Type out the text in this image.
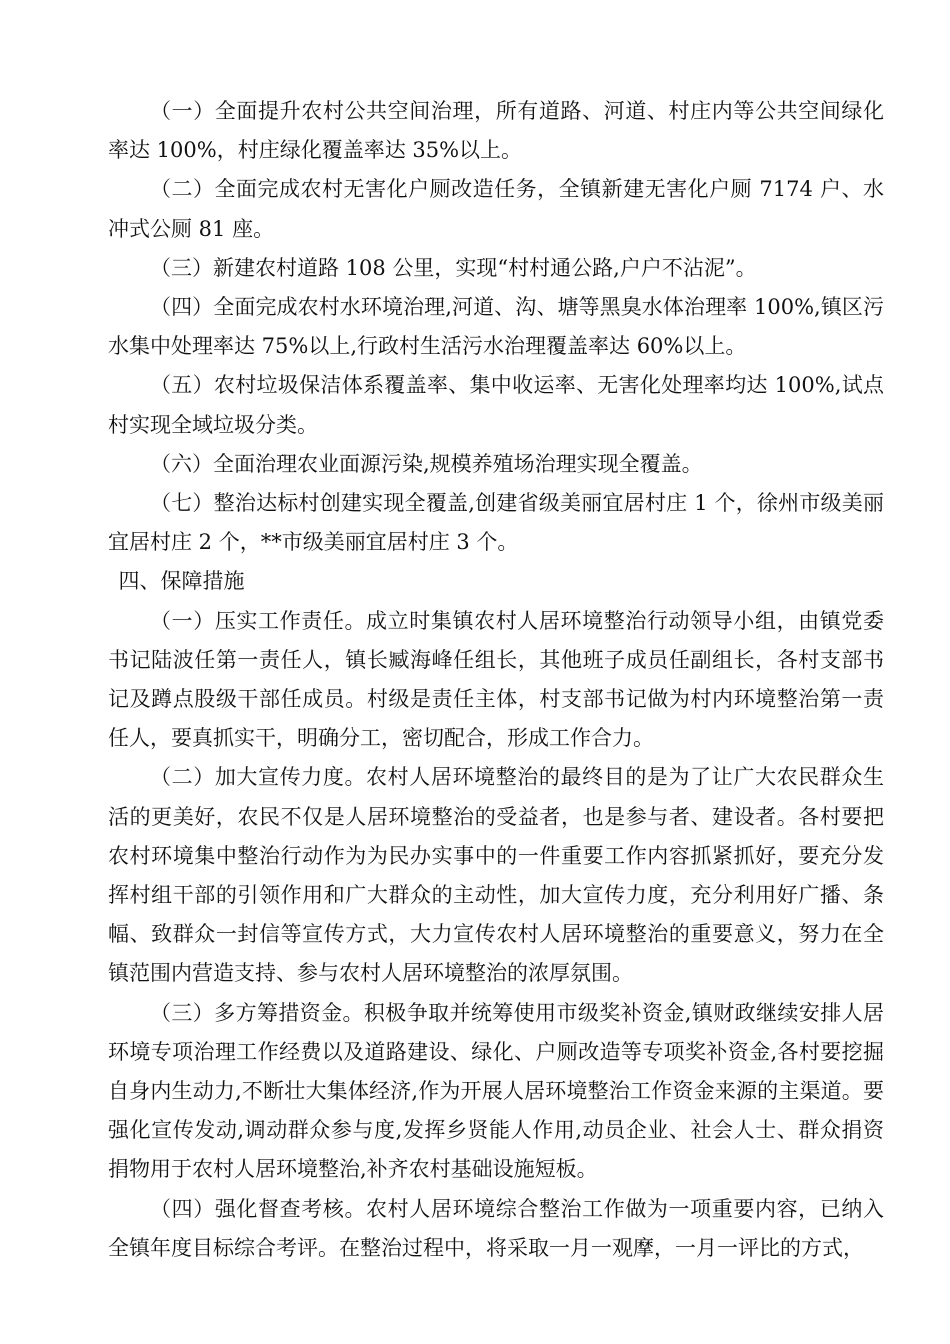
（一）全面提升农村公共空间治理，所有道路、河道、村庄内等公共空间绿化率达 100%，村庄绿化覆盖率达 35%以上。

（二）全面完成农村无害化户厕改造任务，全镇新建无害化户厕 7174 户、水冲式公厕 81 座。

（三）新建农村道路 108 公里，实现“村村通公路,户户不沾泥”。

（四）全面完成农村水环境治理,河道、沟、塘等黑臭水体治理率 100%,镇区污水集中处理率达 75%以上,行政村生活污水治理覆盖率达 60%以上。

（五）农村垃圾保洁体系覆盖率、集中收运率、无害化处理率均达 100%,试点村实现全域垃圾分类。

（六）全面治理农业面源污染,规模养殖场治理实现全覆盖。

（七）整治达标村创建实现全覆盖,创建省级美丽宜居村庄 1 个，徐州市级美丽宜居村庄 2 个，**市级美丽宜居村庄 3 个。

四、保障措施

（一）压实工作责任。成立时集镇农村人居环境整治行动领导小组，由镇党委书记陆波任第一责任人，镇长臧海峰任组长，其他班子成员任副组长，各村支部书记及蹲点股级干部任成员。村级是责任主体，村支部书记做为村内环境整治第一责任人，要真抓实干，明确分工，密切配合，形成工作合力。

（二）加大宣传力度。农村人居环境整治的最终目的是为了让广大农民群众生活的更美好，农民不仅是人居环境整治的受益者，也是参与者、建设者。各村要把农村环境集中整治行动作为为民办实事中的一件重要工作内容抓紧抓好，要充分发挥村组干部的引领作用和广大群众的主动性，加大宣传力度，充分利用好广播、条幅、致群众一封信等宣传方式，大力宣传农村人居环境整治的重要意义，努力在全镇范围内营造支持、参与农村人居环境整治的浓厚氛围。

（三）多方筹措资金。积极争取并统筹使用市级奖补资金,镇财政继续安排人居环境专项治理工作经费以及道路建设、绿化、户厕改造等专项奖补资金,各村要挖掘自身内生动力,不断壮大集体经济,作为开展人居环境整治工作资金来源的主渠道。要强化宣传发动,调动群众参与度,发挥乡贤能人作用,动员企业、社会人士、群众捐资捐物用于农村人居环境整治,补齐农村基础设施短板。

（四）强化督查考核。农村人居环境综合整治工作做为一项重要内容，已纳入全镇年度目标综合考评。在整治过程中，将采取一月一观摩，一月一评比的方式，
